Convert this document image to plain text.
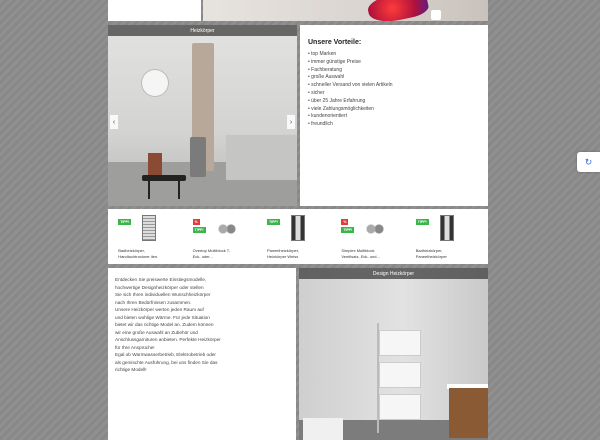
Heizkörper
‹	›
Unsere Vorteile:
• top Marken
• immer günstige Preise
• Fachberatung
• große Auswahl
• schneller Versand von vielen Artikeln
• sicher
• über 25 Jahre Erfahrung
• viele Zahlungsmöglichkeiten
• kundenorientiert
• freundlich
TIPP!
Badheizkörper,
Handtuchtrockner ilen.
%
TIPP!
Overtop Multiblock T,
Eck- oder...
TIPP!
Paneelheizkörper,
Heizkörper Weiss
%
TIPP!
Simplex Multiblock
Ventilsatz, Eck- und...
TIPP!
Badheizkörper,
Paneelheizkörper

Entdecken Sie preiswerte Einstiegsmodelle,

hochwertige Designheizkörper oder stellen

Sie sich Ihren individuellen Wunschheizkörper

nach Ihren Bedürfnissen zusammen.

Unsere Heizkörper werten jeden Raum auf

und bieten wohlige Wärme. Für jede Situation

bietet wir das richtige Model an. Zudem können

wir eine große Auswahl an Zubehör und

Anschlussgarnituren anbieten. Perfekte Heizkörper

für Ihre Ansprüche!

Egal ob Warmwasserbetrieb, Elektrobetrieb oder

als gemischte Ausführung, bei uns finden Sie das

richtige Modell!

Design Heizkörper
↻
